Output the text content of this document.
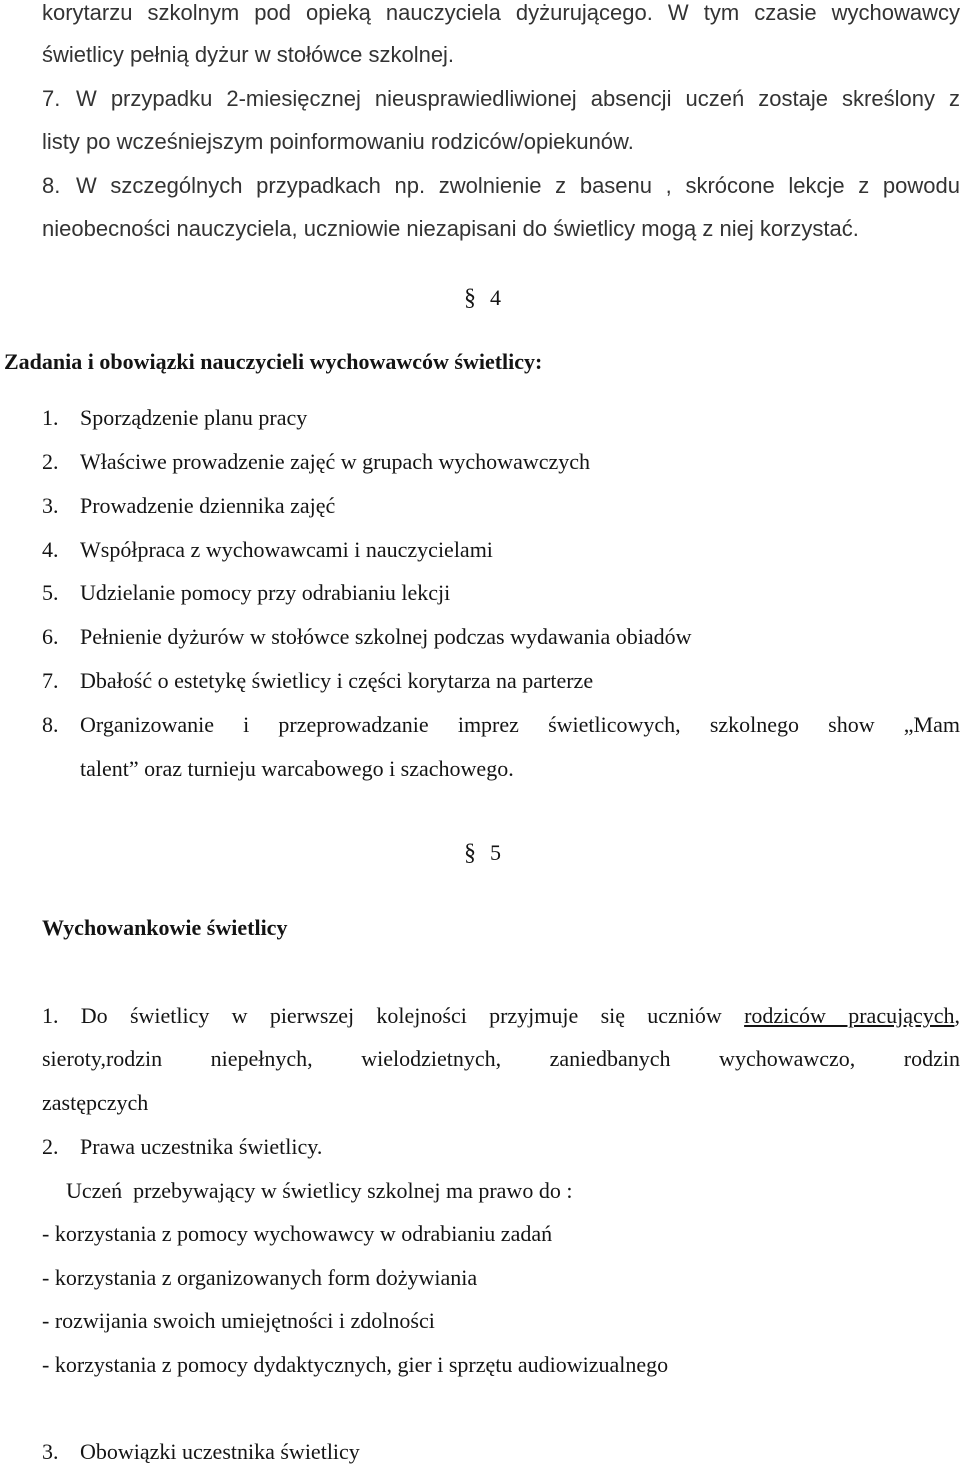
korytarzu szkolnym pod opieką nauczyciela dyżurującego. W tym czasie wychowawcy
świetlicy pełnią dyżur w stołówce szkolnej.
7. W przypadku 2-miesięcznej nieusprawiedliwionej absencji uczeń zostaje skreślony z
listy po wcześniejszym poinformowaniu rodziców/opiekunów.
8. W szczególnych przypadkach np. zwolnienie z basenu , skrócone lekcje z powodu
nieobecności nauczyciela, uczniowie niezapisani do świetlicy mogą z niej korzystać.
§ 4
Zadania i obowiązki nauczycieli wychowawców świetlicy:
1. Sporządzenie planu pracy
2. Właściwe prowadzenie zajęć w grupach wychowawczych
3. Prowadzenie dziennika zajęć
4. Współpraca z wychowawcami i nauczycielami
5. Udzielanie pomocy przy odrabianiu lekcji
6. Pełnienie dyżurów w stołówce szkolnej podczas wydawania obiadów
7. Dbałość o estetykę świetlicy i części korytarza na parterze
8. Organizowanie i przeprowadzanie imprez świetlicowych, szkolnego show „Mam
talent” oraz turnieju warcabowego i szachowego.
§ 5
Wychowankowie świetlicy
1. Do świetlicy w pierwszej kolejności przyjmuje się uczniów rodziców pracujących,
sieroty,rodzin niepełnych, wielodzietnych, zaniedbanych wychowawczo, rodzin
zastępczych
2. Prawa uczestnika świetlicy.
Uczeń  przebywający w świetlicy szkolnej ma prawo do :
- korzystania z pomocy wychowawcy w odrabianiu zadań
- korzystania z organizowanych form dożywiania
- rozwijania swoich umiejętności i zdolności
- korzystania z pomocy dydaktycznych, gier i sprzętu audiowizualnego
3. Obowiązki uczestnika świetlicy
